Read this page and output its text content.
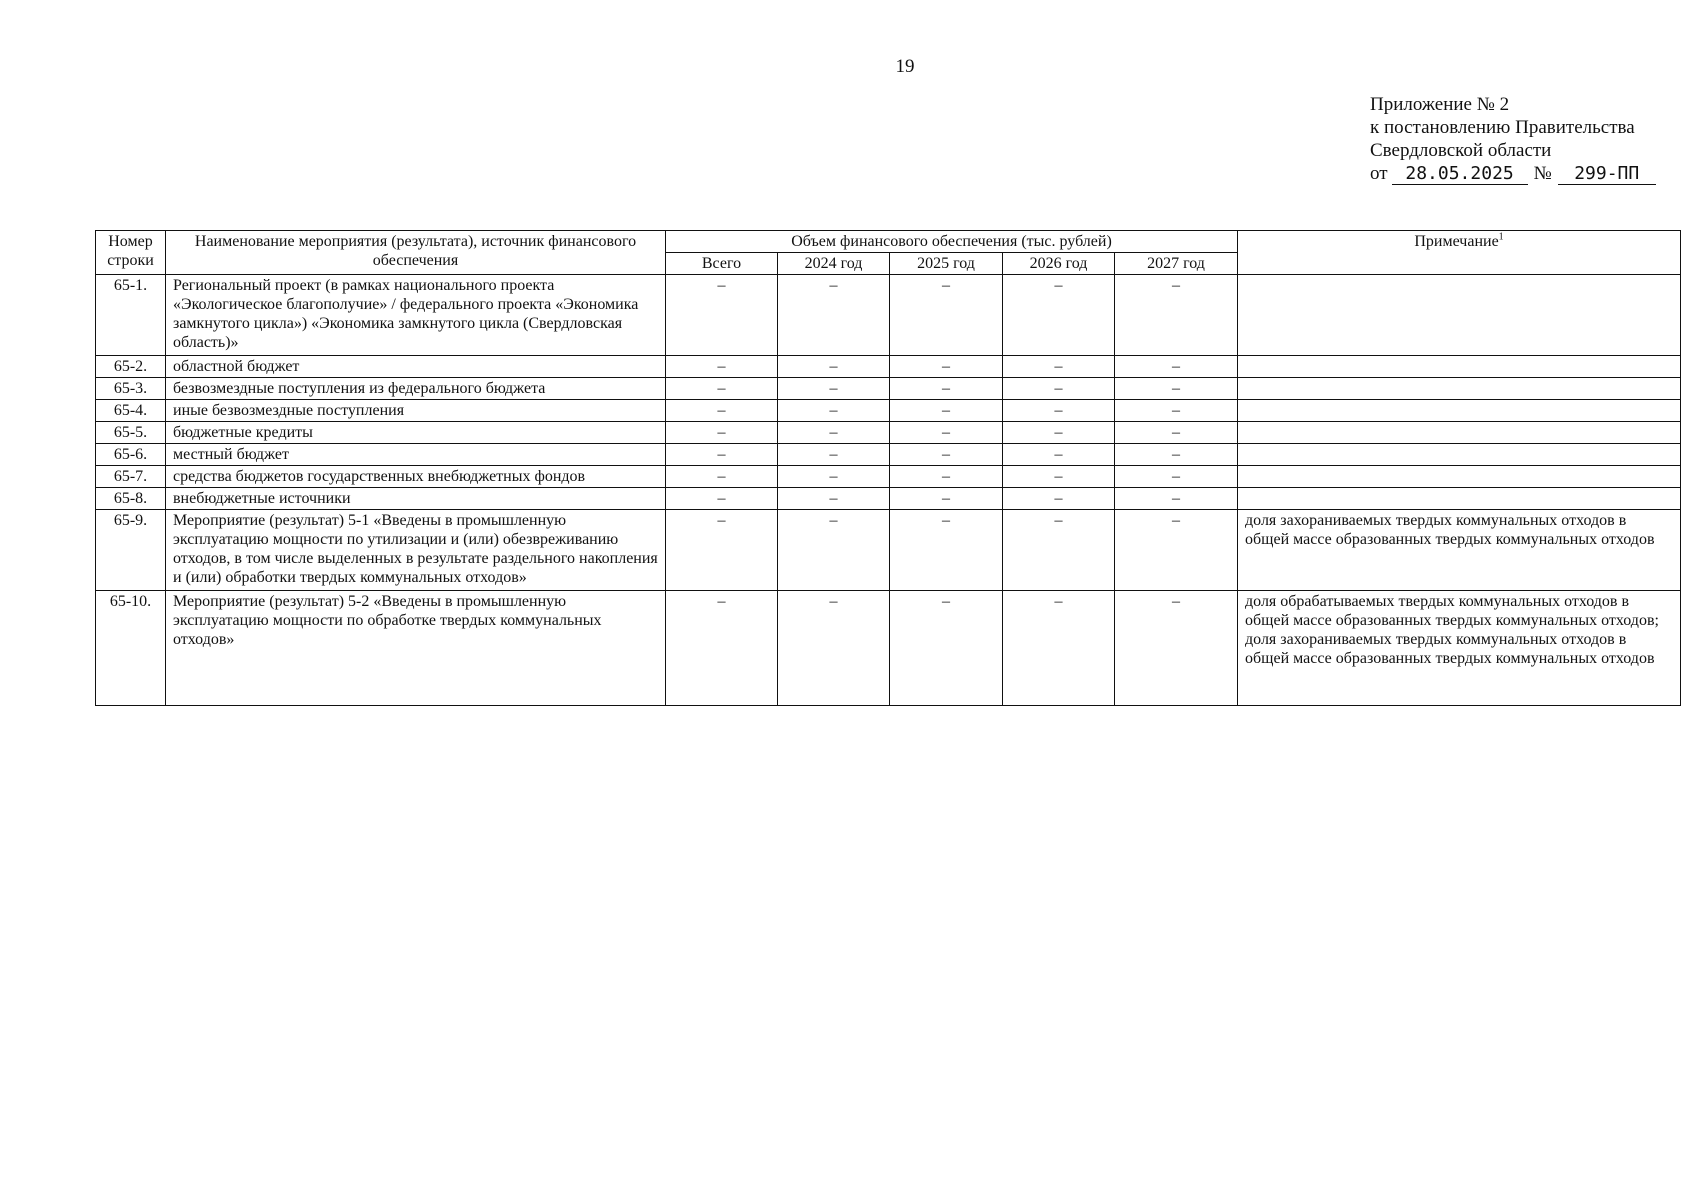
19
Приложение № 2
к постановлению Правительства
Свердловской области
от 28.05.2025 № 299-ПП
Номер строки	Наименование мероприятия (результата), источник финансового обеспечения	Объем финансового обеспечения (тыс. рублей)					Примечание$^1$
		Всего	2024 год	2025 год	2026 год	2027 год	
65-1.	Региональный проект (в рамках национального проекта «Экологическое благополучие» / федерального проекта «Экономика замкнутого цикла») «Экономика замкнутого цикла (Свердловская область)»	–	–	–	–	–	
65-2.	областной бюджет	–	–	–	–	–	
65-3.	безвозмездные поступления из федерального бюджета	–	–	–	–	–	
65-4.	иные безвозмездные поступления	–	–	–	–	–	
65-5.	бюджетные кредиты	–	–	–	–	–	
65-6.	местный бюджет	–	–	–	–	–	
65-7.	средства бюджетов государственных внебюджетных фондов	–	–	–	–	–	
65-8.	внебюджетные источники	–	–	–	–	–	
65-9.	Мероприятие (результат) 5-1 «Введены в промышленную эксплуатацию мощности по утилизации и (или) обезвреживанию отходов, в том числе выделенных в результате раздельного накопления и (или) обработки твердых коммунальных отходов»	–	–	–	–	–	доля захораниваемых твердых коммунальных отходов в общей массе образованных твердых коммунальных отходов
65-10.	Мероприятие (результат) 5-2 «Введены в промышленную эксплуатацию мощности по обработке твердых коммунальных отходов»	–	–	–	–	–	доля обрабатываемых твердых коммунальных отходов в общей массе образованных твердых коммунальных отходов;
доля захораниваемых твердых коммунальных отходов в общей массе образованных твердых коммунальных отходов
